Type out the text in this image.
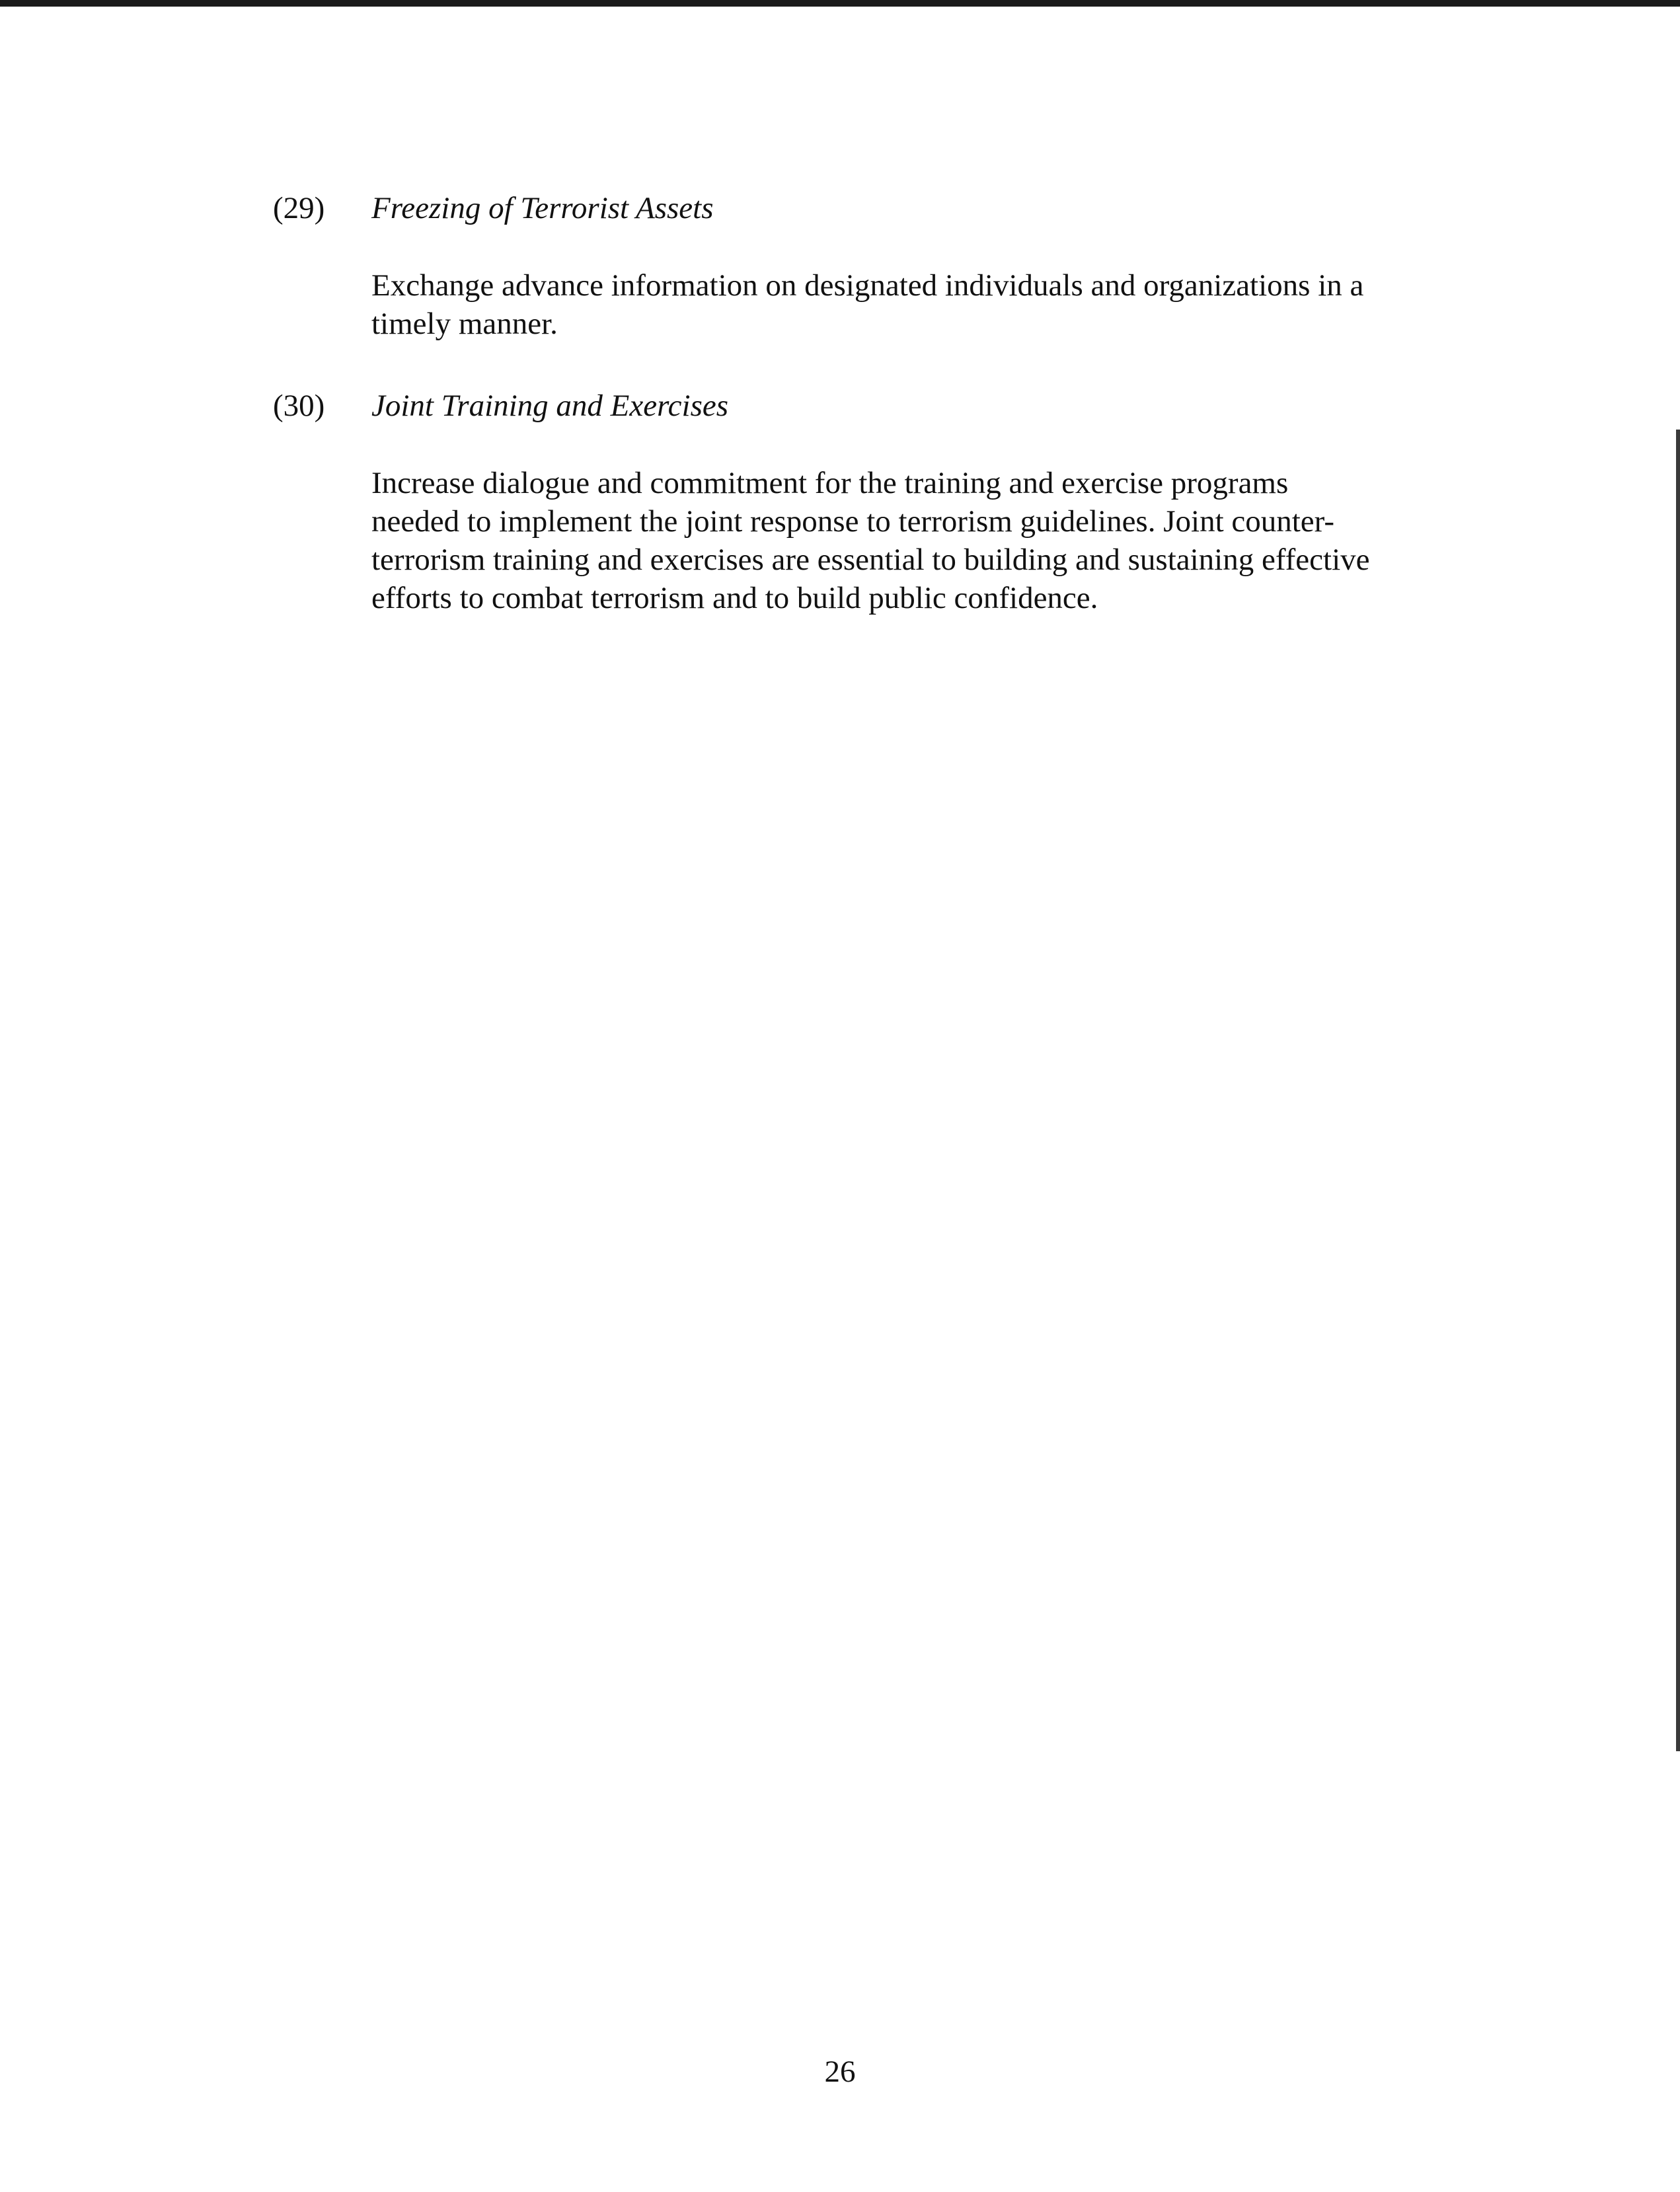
(29) Freezing of Terrorist Assets

Exchange advance information on designated individuals and organizations in a timely manner.

(30) Joint Training and Exercises

Increase dialogue and commitment for the training and exercise programs needed to implement the joint response to terrorism guidelines. Joint counter-terrorism training and exercises are essential to building and sustaining effective efforts to combat terrorism and to build public confidence.

26
